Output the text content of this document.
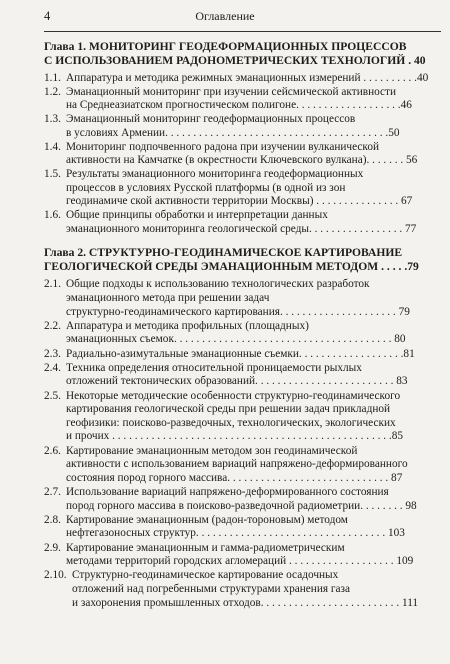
4	Оглавление

Глава 1. МОНИТОРИНГ ГЕОДЕФОРМАЦИОННЫХ ПРОЦЕССОВ

С ИСПОЛЬЗОВАНИЕМ РАДОНОМЕТРИЧЕСКИХ ТЕХНОЛОГИЙ . 40

1.1. Аппаратура и методика режимных эманационных измерений . . . . . . . . . .40

1.2. Эманационный мониторинг при изучении сейсмической активности

на Среднеазиатском прогностическом полигоне. . . . . . . . . . . . . . . . . . .46

1.3. Эманационный мониторинг геодеформационных процессов

в условиях Армении. . . . . . . . . . . . . . . . . . . . . . . . . . . . . . . . . . . . . . . .50

1.4. Мониторинг подпочвенного радона при изучении вулканической

активности на Камчатке (в окрестности Ключевского вулкана). . . . . . . 56

1.5. Результаты эманационного мониторинга геодеформационных

процессов в условиях Русской платформы (в одной из зон

геодинамиче ской активности территории Москвы) . . . . . . . . . . . . . . . 67

1.6. Общие принципы обработки и интерпретации данных

эманационного мониторинга геологической среды. . . . . . . . . . . . . . . . . 77

Глава 2. СТРУКТУРНО-ГЕОДИНАМИЧЕСКОЕ КАРТИРОВАНИЕ

ГЕОЛОГИЧЕСКОЙ СРЕДЫ ЭМАНАЦИОННЫМ МЕТОДОМ . . . . .79

2.1. Общие подходы к использованию технологических разработок

эманационного метода при решении задач

структурно-геодинамического картирования. . . . . . . . . . . . . . . . . . . . . 79

2.2. Аппаратура и методика профильных (площадных)

эманационных съемок. . . . . . . . . . . . . . . . . . . . . . . . . . . . . . . . . . . . . . . 80

2.3. Радиально-азимутальные эманационные съемки. . . . . . . . . . . . . . . . . . .81

2.4. Техника определения относительной проницаемости рыхлых

отложений тектонических образований. . . . . . . . . . . . . . . . . . . . . . . . . 83

2.5. Некоторые методические особенности структурно-геодинамического

картирования геологической среды при решении задач прикладной

геофизики: поисково-разведочных, технологических, экологических

и прочих . . . . . . . . . . . . . . . . . . . . . . . . . . . . . . . . . . . . . . . . . . . . . . . . . .85

2.6. Картирование эманационным методом зон геодинамической

активности с использованием вариаций напряжено-деформированного

состояния пород горного массива. . . . . . . . . . . . . . . . . . . . . . . . . . . . . 87

2.7. Использование вариаций напряжено-деформированного состояния

пород горного массива в поисково-разведочной радиометрии. . . . . . . . 98

2.8. Картирование эманационным (радон-тороновым) методом

нефтегазоносных структур. . . . . . . . . . . . . . . . . . . . . . . . . . . . . . . . . . 103

2.9. Картирование эманационным и гамма-радиометрическим

методами территорий городских агломераций . . . . . . . . . . . . . . . . . . . 109

2.10. Структурно-геодинамическое картирование осадочных

отложений над погребенными структурами хранения газа

и захоронения промышленных отходов. . . . . . . . . . . . . . . . . . . . . . . . . 111
